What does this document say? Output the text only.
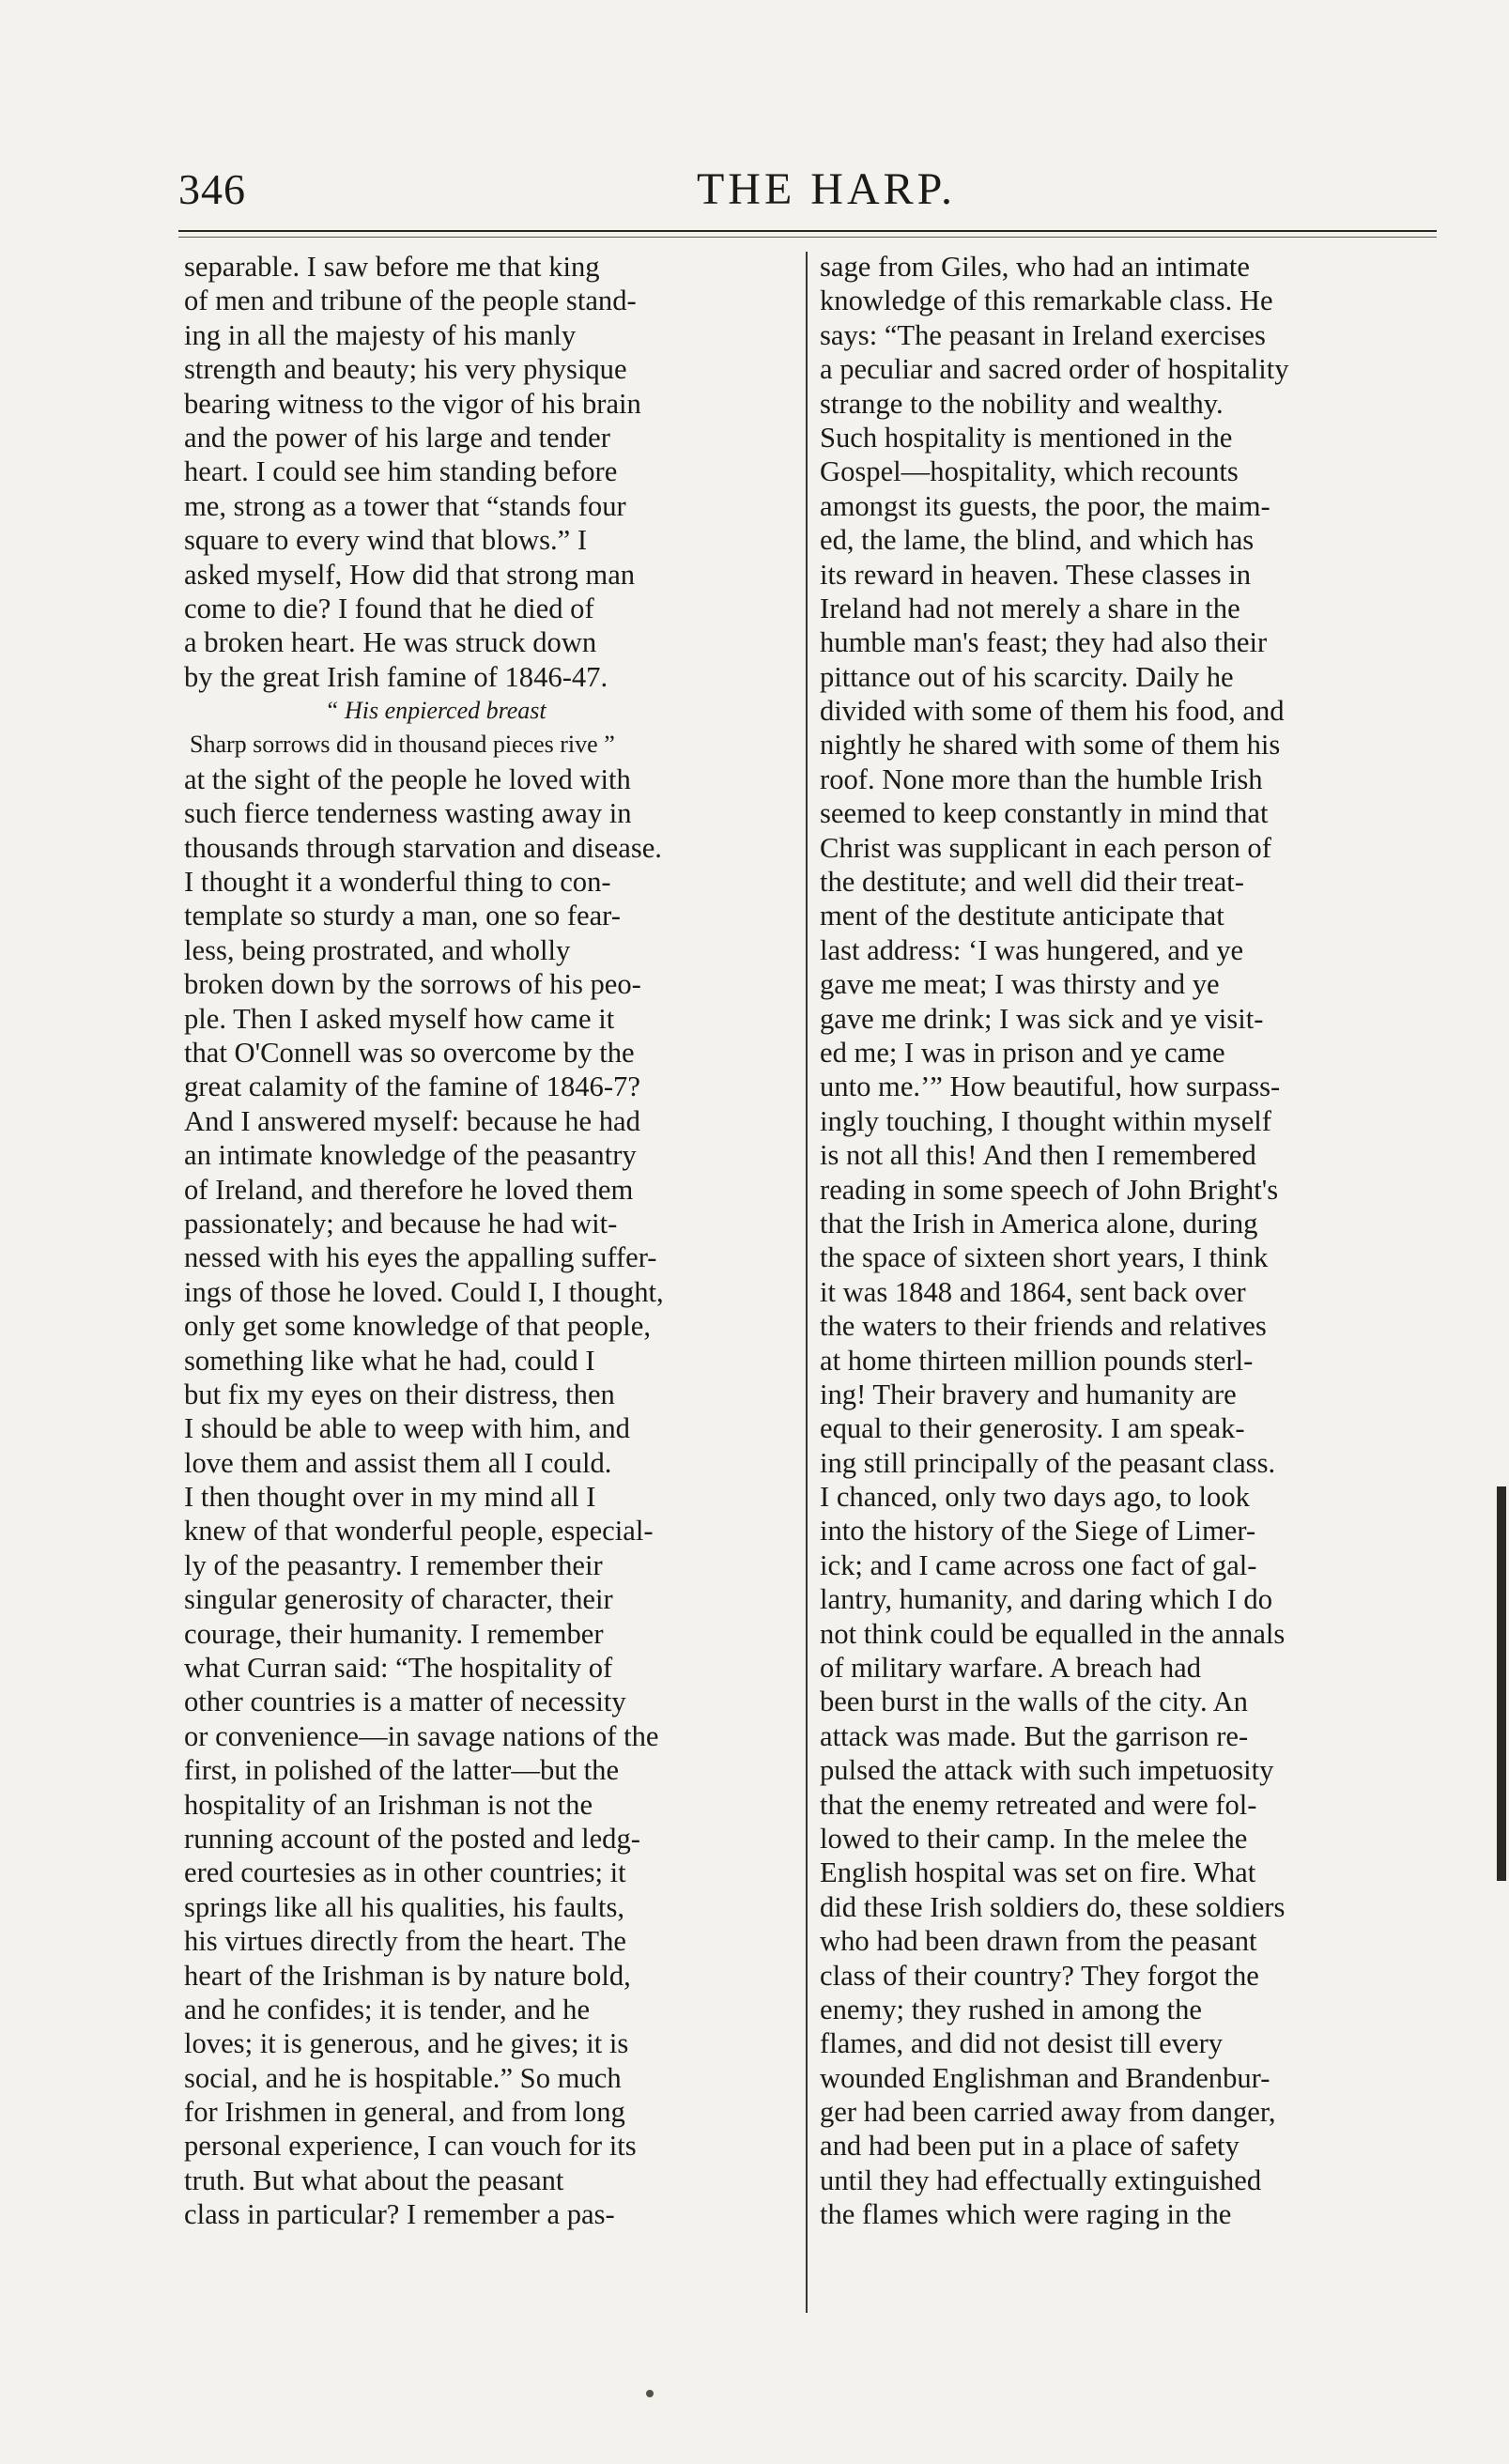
346	THE HARP.
separable. I saw before me that king
of men and tribune of the people stand-
ing in all the majesty of his manly
strength and beauty; his very physique
bearing witness to the vigor of his brain
and the power of his large and tender
heart. I could see him standing before
me, strong as a tower that “stands four
square to every wind that blows.” I
asked myself, How did that strong man
come to die? I found that he died of
a broken heart. He was struck down
by the great Irish famine of 1846-47.
“ His enpierced breast
Sharp sorrows did in thousand pieces rive ”
at the sight of the people he loved with
such fierce tenderness wasting away in
thousands through starvation and disease.
I thought it a wonderful thing to con-
template so sturdy a man, one so fear-
less, being prostrated, and wholly
broken down by the sorrows of his peo-
ple. Then I asked myself how came it
that O'Connell was so overcome by the
great calamity of the famine of 1846-7?
And I answered myself: because he had
an intimate knowledge of the peasantry
of Ireland, and therefore he loved them
passionately; and because he had wit-
nessed with his eyes the appalling suffer-
ings of those he loved. Could I, I thought,
only get some knowledge of that people,
something like what he had, could I
but fix my eyes on their distress, then
I should be able to weep with him, and
love them and assist them all I could.
I then thought over in my mind all I
knew of that wonderful people, especial-
ly of the peasantry. I remember their
singular generosity of character, their
courage, their humanity. I remember
what Curran said: “The hospitality of
other countries is a matter of necessity
or convenience—in savage nations of the
first, in polished of the latter—but the
hospitality of an Irishman is not the
running account of the posted and ledg-
ered courtesies as in other countries; it
springs like all his qualities, his faults,
his virtues directly from the heart. The
heart of the Irishman is by nature bold,
and he confides; it is tender, and he
loves; it is generous, and he gives; it is
social, and he is hospitable.” So much
for Irishmen in general, and from long
personal experience, I can vouch for its
truth. But what about the peasant
class in particular? I remember a pas-
sage from Giles, who had an intimate
knowledge of this remarkable class. He
says: “The peasant in Ireland exercises
a peculiar and sacred order of hospitality
strange to the nobility and wealthy.
Such hospitality is mentioned in the
Gospel—hospitality, which recounts
amongst its guests, the poor, the maim-
ed, the lame, the blind, and which has
its reward in heaven. These classes in
Ireland had not merely a share in the
humble man's feast; they had also their
pittance out of his scarcity. Daily he
divided with some of them his food, and
nightly he shared with some of them his
roof. None more than the humble Irish
seemed to keep constantly in mind that
Christ was supplicant in each person of
the destitute; and well did their treat-
ment of the destitute anticipate that
last address: ‘I was hungered, and ye
gave me meat; I was thirsty and ye
gave me drink; I was sick and ye visit-
ed me; I was in prison and ye came
unto me.’” How beautiful, how surpass-
ingly touching, I thought within myself
is not all this! And then I remembered
reading in some speech of John Bright's
that the Irish in America alone, during
the space of sixteen short years, I think
it was 1848 and 1864, sent back over
the waters to their friends and relatives
at home thirteen million pounds sterl-
ing! Their bravery and humanity are
equal to their generosity. I am speak-
ing still principally of the peasant class.
I chanced, only two days ago, to look
into the history of the Siege of Limer-
ick; and I came across one fact of gal-
lantry, humanity, and daring which I do
not think could be equalled in the annals
of military warfare. A breach had
been burst in the walls of the city. An
attack was made. But the garrison re-
pulsed the attack with such impetuosity
that the enemy retreated and were fol-
lowed to their camp. In the melee the
English hospital was set on fire. What
did these Irish soldiers do, these soldiers
who had been drawn from the peasant
class of their country? They forgot the
enemy; they rushed in among the
flames, and did not desist till every
wounded Englishman and Brandenbur-
ger had been carried away from danger,
and had been put in a place of safety
until they had effectually extinguished
the flames which were raging in the
